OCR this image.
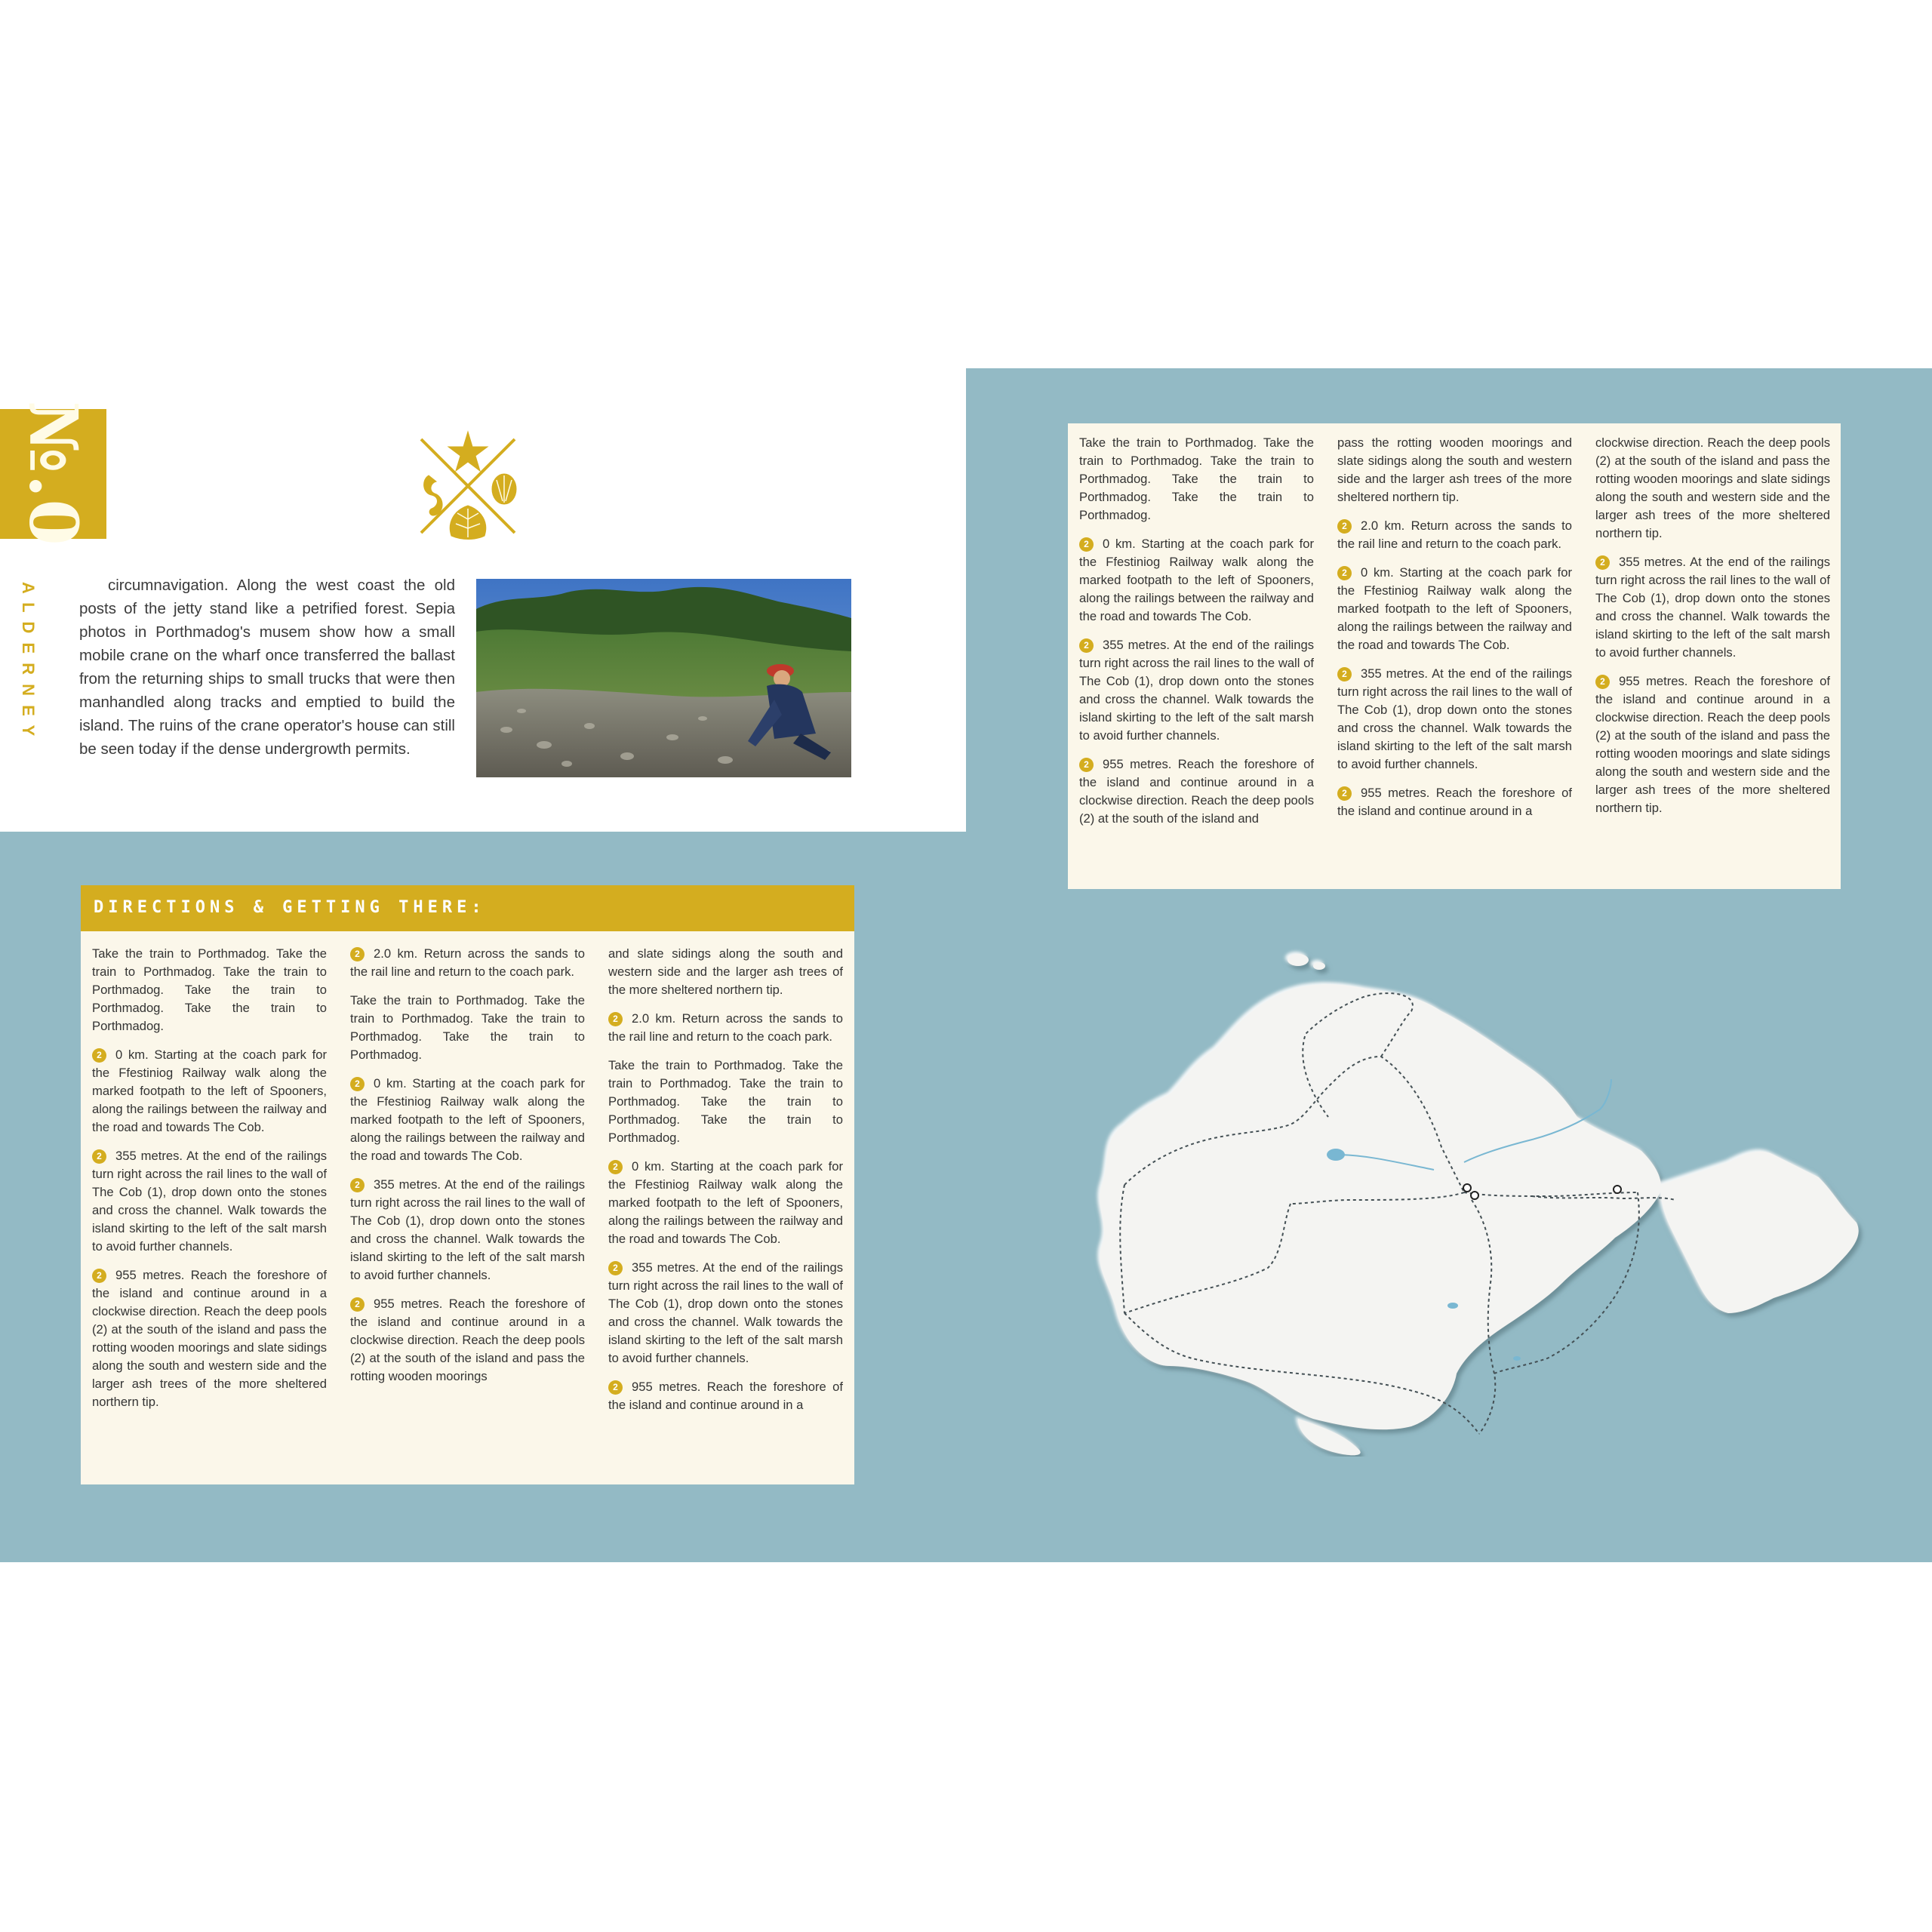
№.0
A L D E R N E Y	circumnavigation. Along the west coast the old posts of the jetty stand like a petrified forest. Sepia photos in Porthmadog's musem show how a small mobile crane on the wharf once transferred the ballast from the returning ships to small trucks that were then manhandled along tracks and emptied to build the island. The ruins of the crane operator's house can still be seen today if the dense undergrowth permits.
DIRECTIONS & GETTING THERE:

Take the train to Porthmadog. Take the train to Porthmadog. Take the train to Porthmadog. Take the train to Porthmadog. Take the train to Porthmadog.

2 0 km. Starting at the coach park for the Ffestiniog Railway walk along the marked footpath to the left of Spooners, along the railings between the railway and the road and towards The Cob.

2 355 metres. At the end of the railings turn right across the rail lines to the wall of The Cob (1), drop down onto the stones and cross the channel. Walk towards the island skirting to the left of the salt marsh to avoid further channels.

2 955 metres. Reach the foreshore of the island and continue around in a clockwise direction. Reach the deep pools (2) at the south of the island and pass the rotting wooden moorings and slate sidings along the south and western side and the larger ash trees of the more sheltered northern tip.

2 2.0 km. Return across the sands to the rail line and return to the coach park.

Take the train to Porthmadog. Take the train to Porthmadog. Take the train to Porthmadog. Take the train to Porthmadog.

2 0 km. Starting at the coach park for the Ffestiniog Railway walk along the marked footpath to the left of Spooners, along the railings between the railway and the road and towards The Cob.

2 355 metres. At the end of the railings turn right across the rail lines to the wall of The Cob (1), drop down onto the stones and cross the channel. Walk towards the island skirting to the left of the salt marsh to avoid further channels.

2 955 metres. Reach the foreshore of the island and continue around in a clockwise direction. Reach the deep pools (2) at the south of the island and pass the rotting wooden moorings

and slate sidings along the south and western side and the larger ash trees of the more sheltered northern tip.

2 2.0 km. Return across the sands to the rail line and return to the coach park.

Take the train to Porthmadog. Take the train to Porthmadog. Take the train to Porthmadog. Take the train to Porthmadog. Take the train to Porthmadog.

2 0 km. Starting at the coach park for the Ffestiniog Railway walk along the marked footpath to the left of Spooners, along the railings between the railway and the road and towards The Cob.

2 355 metres. At the end of the railings turn right across the rail lines to the wall of The Cob (1), drop down onto the stones and cross the channel. Walk towards the island skirting to the left of the salt marsh to avoid further channels.

2 955 metres. Reach the foreshore of the island and continue around in a

Take the train to Porthmadog. Take the train to Porthmadog. Take the train to Porthmadog. Take the train to Porthmadog. Take the train to Porthmadog.

2 0 km. Starting at the coach park for the Ffestiniog Railway walk along the marked footpath to the left of Spooners, along the railings between the railway and the road and towards The Cob.

2 355 metres. At the end of the railings turn right across the rail lines to the wall of The Cob (1), drop down onto the stones and cross the channel. Walk towards the island skirting to the left of the salt marsh to avoid further channels.

2 955 metres. Reach the foreshore of the island and continue around in a clockwise direction. Reach the deep pools (2) at the south of the island and

pass the rotting wooden moorings and slate sidings along the south and western side and the larger ash trees of the more sheltered northern tip.

2 2.0 km. Return across the sands to the rail line and return to the coach park.

2 0 km. Starting at the coach park for the Ffestiniog Railway walk along the marked footpath to the left of Spooners, along the railings between the railway and the road and towards The Cob.

2 355 metres. At the end of the railings turn right across the rail lines to the wall of The Cob (1), drop down onto the stones and cross the channel. Walk towards the island skirting to the left of the salt marsh to avoid further channels.

2 955 metres. Reach the foreshore of the island and continue around in a

clockwise direction. Reach the deep pools (2) at the south of the island and pass the rotting wooden moorings and slate sidings along the south and western side and the larger ash trees of the more sheltered northern tip.

2 355 metres. At the end of the railings turn right across the rail lines to the wall of The Cob (1), drop down onto the stones and cross the channel. Walk towards the island skirting to the left of the salt marsh to avoid further channels.

2 955 metres. Reach the foreshore of the island and continue around in a clockwise direction. Reach the deep pools (2) at the south of the island and pass the rotting wooden moorings and slate sidings along the south and western side and the larger ash trees of the more sheltered northern tip.
